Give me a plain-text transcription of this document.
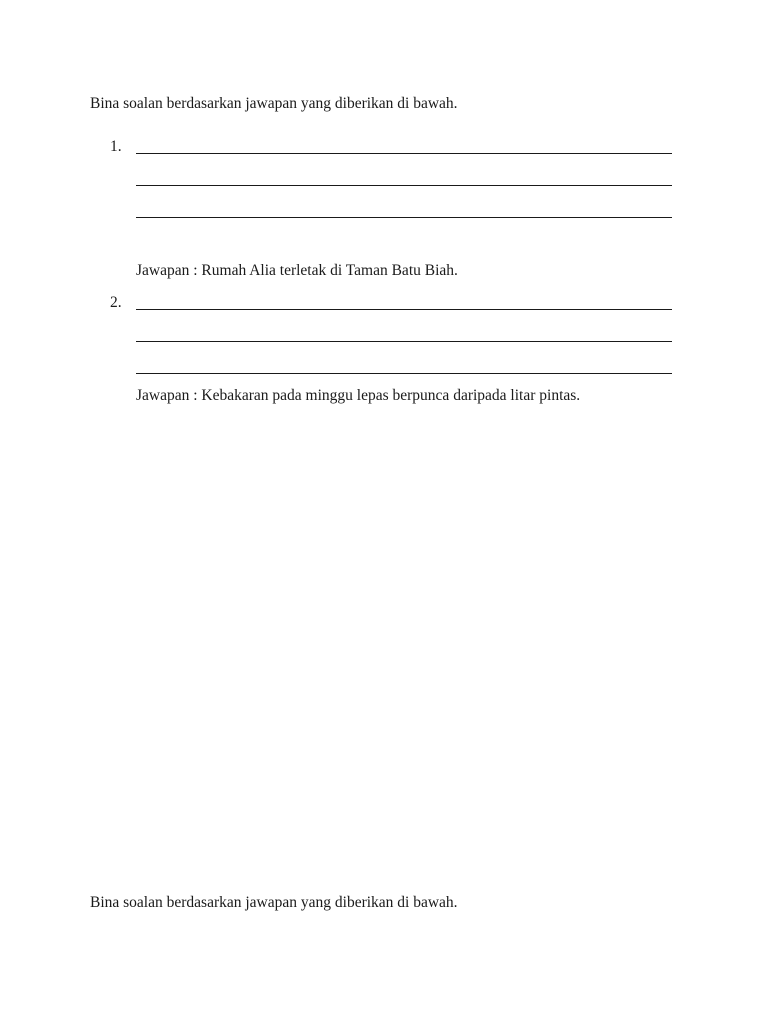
Bina soalan berdasarkan jawapan yang diberikan di bawah.
1.
Jawapan : Rumah Alia terletak di Taman Batu Biah.
2.
Jawapan : Kebakaran pada minggu lepas berpunca daripada litar pintas.
Bina soalan berdasarkan jawapan yang diberikan di bawah.
